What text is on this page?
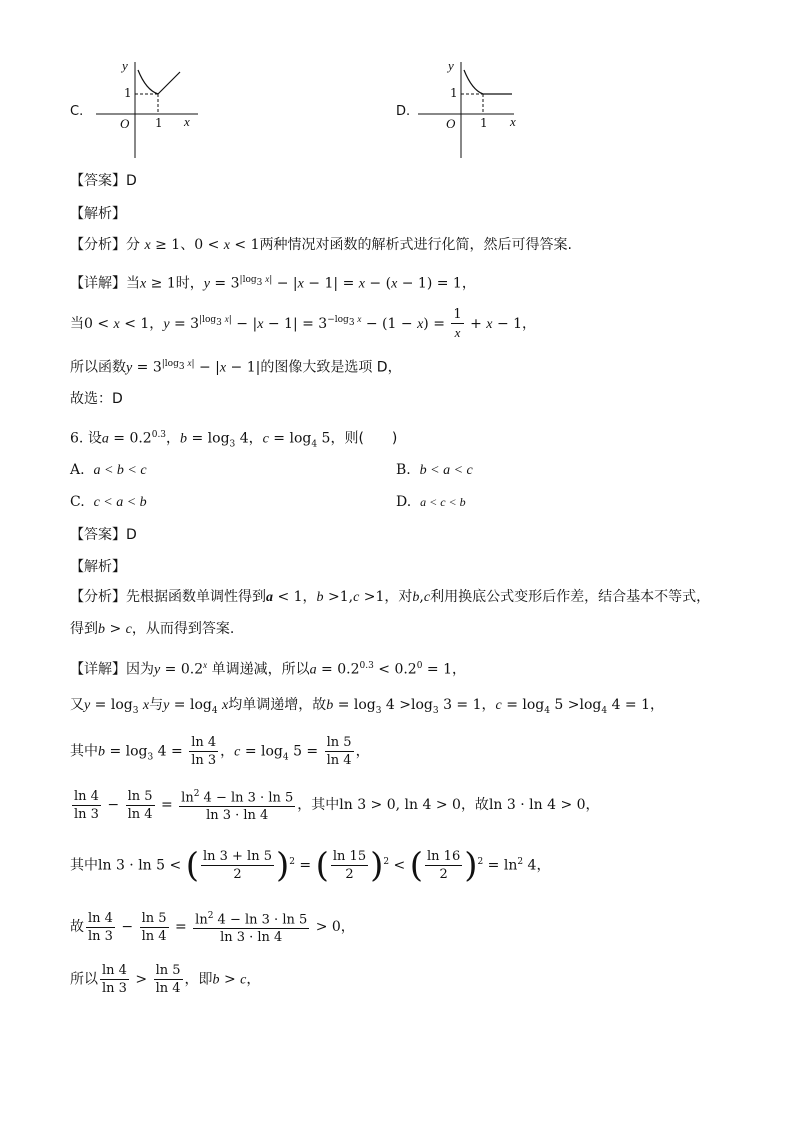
C.
y
x
1
1
O
D.
y
x
1
1
O
【答案】D
【解析】
【分析】分 x ≥ 1、0 < x < 1两种情况对函数的解析式进行化简，然后可得答案.
【详解】当x ≥ 1时，$y = 3^{|log_3 x|} - |x - 1| = x - (x - 1) = 1$，
当0 < x < 1，$y = 3^{|log_3 x|} - |x - 1| = 3^{-log_3 x} - (1 - x) = \frac{1}{x} + x - 1$，
所以函数$y = 3^{|log_3 x|} - |x - 1|$的图像大致是选项 D，
故选：D
6. 设$a = 0.2^{0.3}$，$b = \log_3 4$，$c = \log_4 5$，则(　　)
A. a < b < c	B. b < a < c
C. c < a < b	D. a < c < b
【答案】D
【解析】
【分析】先根据函数单调性得到a < 1，b >1,c >1，对b,c利用换底公式变形后作差，结合基本不等式，
得到b > c，从而得到答案.
【详解】因为$y = 0.2^x$ 单调递减，所以$a = 0.2^{0.3} < 0.2^0 = 1$，
又$y = \log_3 x$与$y = \log_4 x$均单调递增，故$b = \log_3 4 >\log_3$ 3 = 1，$c = \log_4 5 >\log_4$ 4 = 1，
其中$b = \log_3 4 = \frac{\ln 4}{\ln 3}$ ，$c = \log_4 5 = \frac{\ln 5}{\ln 4}$ ，
$\frac{\ln 4}{\ln 3} - \frac{\ln 5}{\ln 4} = \frac{\ln^2 4 - \ln 3 \cdot \ln 5}{\ln 3 \cdot \ln 4}$ ，其中ln 3 > 0, ln 4 > 0，故ln 3 · ln 4 > 0，
其中ln 3 · ln 5 < ( $\frac{\ln 3 + \ln 5}{2} )^2$ = ( $\frac{\ln 15}{2} )^2$ < ( $\frac{\ln 16}{2} )^2 = \ln^2 4$，
故 $\frac{\ln 4}{\ln 3} - \frac{\ln 5}{\ln 4} = \frac{\ln^2 4 - \ln 3 \cdot \ln 5}{\ln 3 \cdot \ln 4} > 0$，
所以 $\frac{\ln 4}{\ln 3} > \frac{\ln 5}{\ln 4}$ ，即b > c，
